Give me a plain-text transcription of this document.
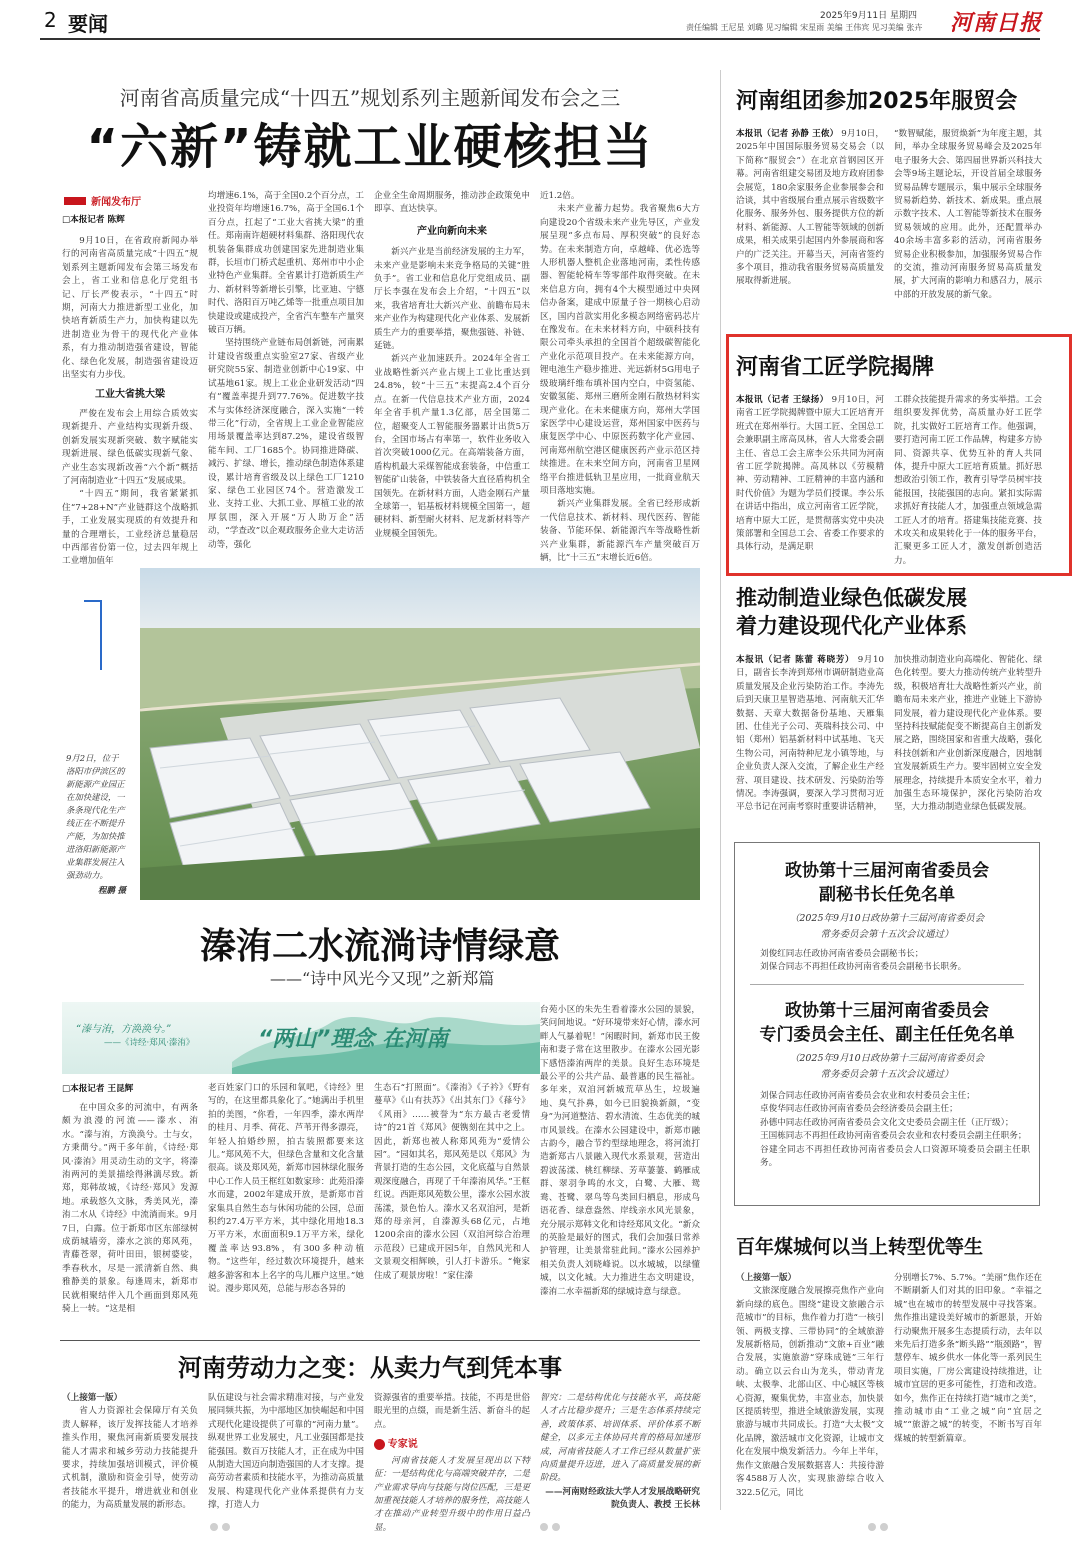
2 要闻	2025年9月11日 星期四
责任编辑 王尼星 刘璐 见习编辑 宋星雨 美编 王伟宾 见习美编 张卉 河南日报
河南省高质量完成“十四五”规划系列主题新闻发布会之三
“六新”铸就工业硬核担当
新闻发布厅
□本报记者 陈辉

9月10日，在省政府新闻办举行的河南省高质量完成“十四五”规划系列主题新闻发布会第三场发布会上，省工业和信息化厅党组书记、厅长严俊表示，“十四五”时期，河南大力推进新型工业化，加快培育新质生产力，加快构建以先进制造业为骨干的现代化产业体系，有力推动制造强省建设，智能化、绿色化发展，制造强省建设迈出坚实有力步伐。

工业大省挑大梁

严俊在发布会上用综合质效实现新提升、产业结构实现新升级、创新发展实现新突破、数字赋能实现新进展、绿色低碳实现新气象、产业生态实现新改善“六个新”概括了河南制造业“十四五”发展成果。

“十四五”期间，我省紧紧抓住“7+28+N”产业链群这个战略抓手，工业发展实现质的有效提升和量的合理增长，工业经济总量稳居中西部省份第一位，过去四年规上工业增加值年

均增速6.1%，高于全国0.2个百分点，工业投资年均增速16.7%，高于全国6.1个百分点，扛起了“工业大省挑大梁”的重任。郑南南许超硬材料集群、洛阳现代农机装备集群成功创建国家先进制造业集群，长垣市门桥式起重机、郑州市中小企业特色产业集群。全省累计打造新质生产力、新材料等新增长引擎，比亚迪、宁德时代、洛阳百万吨乙烯等一批重点项目加快建设或建成投产，全省汽车整车产量突破百万辆。

坚持围绕产业链布局创新链，河南累计建设省级重点实验室27家、省级产业研究院55家、制造业创新中心19家、中试基地61家。规上工业企业研发活动“四有”覆盖率提升到77.76%。促进数字技术与实体经济深度融合，深入实施“一转带三化”行动，全省规上工业企业智能应用场景覆盖率达到87.2%，建设省级智能车间、工厂1685个。协同推进降碳、减污、扩绿、增长，推动绿色制造体系建设，累计培育省级及以上绿色工厂1210家、绿色工业园区74个。营造激发工业、支持工业、大抓工业、厚植工业的浓厚氛围，深入开展“万人助万企”活动，“学查改”以企观政服务企业大走访活动等，强化

企业全生命周期服务，推动涉企政策免申即享、直达快享。

产业向新向未来

新兴产业是当前经济发展的主力军，未来产业是影响未来竞争格局的关键“胜负手”。省工业和信息化厅党组成员、副厅长李强在发布会上介绍，“十四五”以来，我省培育壮大新兴产业、前瞻布局未来产业作为构建现代化产业体系、发展新质生产力的重要举措，聚焦强链、补链、延链。

新兴产业加速跃升。2024年全省工业战略性新兴产业占规上工业比重达到24.8%，较“十三五”末提高2.4个百分点。在新一代信息技术产业方面，2024年全省手机产量1.3亿部，居全国第二位，超聚变人工智能服务器累计出货5万台，全国市场占有率第一，软件业务收入首次突破1000亿元。在高端装备方面，盾构机最大采煤智能成套装备，中信重工智能矿山装备，中铁装备大直径盾构机全国领先。在新材料方面，人造金刚石产量全球第一，铝基板材料规模全国第一，超硬材料、新型耐火材料、尼龙新材料等产业规模全国领先。

近1.2倍。

未来产业蓄力起势。我省聚焦6大方向建设20个省级未来产业先导区，产业发展呈现“多点布局、厚积突破”的良好态势。在未来制造方向，卓越峰、优必选等人形机器人整机企业落地河南，柔性传感器、智能轮椅车等零部件取得突破。在未来信息方向，拥有4个大模型通过中央网信办备案，建成中原量子谷一期核心启动区，国内首款实用化多模态网络密码芯片在豫发布。在未来材料方向，中硕科技有限公司牵头承担的全国首个超级碳智能化产业化示范项目投产。在未来能源方向，锂电池生产稳步推进、光远新材5G用电子级玻璃纤维布填补国内空白，中资氢能、安徽氢能、郑州三磨所金刚石散热材料实现产业化。在未来健康方向，郑州大学国家医学中心建设运营，郑州国家中医药与康复医学中心、中原医药数字化产业园、河南郑州航空港区健康医药产业示范区持续推进。在未来空间方向，河南省卫星网络平台推进低轨卫星应用，一批商业航天项目落地实施。

新兴产业集群发展。全省已经形成新一代信息技术、新材料、现代医药、智能装备、节能环保、新能源汽车等战略性新兴产业集群，新能源汽车产量突破百万辆，比“十三五”末增长近6倍。

9月2日，位于洛阳市伊滨区的新能源产业园正在加快建设，一条条现代化生产线正在不断提升产能，为加快推进洛阳新能源产业集群发展注入强劲动力。
程鹏 摄
溱洧二水流淌诗情绿意
——“诗中风光今又现”之新郑篇
“溱与洧，方涣涣兮。”
——《诗经·郑风·溱洧》	“两山”理念 在河南
□本报记者 王昆辉

在中国众多的河流中，有两条颇为浪漫的河流——溱水、洧水。“溱与洧，方涣涣兮。士与女，方秉蕳兮。”两千多年前，《诗经·郑风·溱洧》用灵动生动的文字，将溱洧两河的美景描绘得淋漓尽致。新郑，郑韩故城，《诗经·郑风》发源地。承载悠久文脉，秀美风光，溱洧二水从《诗经》中流淌而来。9月7日，白露。位于新郑市区东部绿树成荫城墙旁，溱水之滨的郑风苑，青藤苍翠，荷叶田田，银树婆娑，季春秋水，尽是一派清新自然、典雅静美的景象。每逢周末，新郑市民就相聚结伴入几个画面到郑风苑骑上一转。“这是相

老百姓家门口的乐园和氧吧，《诗经》里写的，在这里都具象化了。”她满出手机里拍的美图，“你看，一年四季，溱水两岸的桂月、月季、荷花、芦苇开得多漂亮，年轻人拍婚纱照，拍古装照都要来这儿。”郑风苑不大，但绿色含量和文化含量很高。谈及郑风苑，新郑市园林绿化服务中心工作人员王框红如数家珍：此苑沿溱水而建，2002年建成开放，是新郑市首家集具自然生态与休闲功能的公园，总面积约27.4万平方米，其中绿化用地18.3万平方米，水面面积9.1万平方米，绿化覆盖率达93.8%，有300多种动植物。“这些年，经过数次环境提升，越来越多游客和本上名字的鸟儿雁户这里。”她说。漫步郑风苑，总能与形态各异的

生态石“打照面”。《溱洧》《子衿》《野有蔓草》《山有扶苏》《出其东门》《萚兮》《风雨》……被誉为“东方最古老爱情诗”的21首《郑风》便镌刻在其中之上。因此，新郑也被人称郑风苑为“爱情公园”。“园如其名，郑风苑是以《郑风》为背景打造的生态公园，文化底蕴与自然景观深度融合，再现了千年溱洧风华。”王框红说。西距郑风苑数公里，溱水公园水波荡漾，景色怡人。溱水又名双洎河，是新郑的母亲河，自溱源头68亿元，占地1200余亩的溱水公园（双洎河综合治理示范段）已建成开园5年，自然风光和人文景观交相辉映，引人打卡游乐。“俺家住成了观景房啦！”家住溱

台苑小区的朱先生看着溱水公园的景貌，笑问间地说。“好环境带来好心情，溱水河畔人气暴着呢！”闲暇时间，新郑市民王俊南和妻子常在这里散步。在溱水公园光影下感悟溱洧两岸的美景。良好生态环境是最公平的公共产品、最普惠的民生福祉。多年来，双洎河新城荒草丛生，垃圾遍地、臭气扑鼻，如今已旧貌换新颜，“变身”为河道整洁、碧水清流、生态优美的城市风景线。在溱水公园建设中，新郑市融古韵今，融合节约型绿地理念，将河流打造新郑古八景融入现代水系景观，营造出碧波荡漾、桃红柳绿、芳草萋萋、鹤雁成群、翠羽争鸣的水文，白鹭、大雁、鸳鸯、苍鹭、翠鸟等鸟类回归栖息，形成鸟语花香、绿意盎然、岸线亲水风光景象，充分展示郑韩文化和诗经郑风文化。“新众的英脸是最好的图式，我们会加强日常养护管理，让美景常驻此间。”溱水公园养护相关负责人刘晓峰说。以水城城，以绿懂城，以文化城。大力推进生态文明建设，溱洧二水幸福新郑的绿城诗意与绿意。

河南劳动力之变：从卖力气到凭本事
（上接第一版）

省人力资源社会保障厅有关负责人解释，该厅发挥技能人才培养推头作用，聚焦河南新质要发展技能人才需求和城乡劳动力技能提升要求，持续加强培训模式，评价模式机制，激励和资金引导，使劳动者技能水平提升，增进就业和创业的能力，为高质量发展的新形态。

队伍建设与社会需求精准对接，与产业发展同频共振，为中部地区加快崛起和中国式现代化建设提供了可靠的“河南力量”。纵观世界工业发展史，凡工业强国都是技能强国。数百万技能人才，正在成为中国从制造大国迈向制造强国的人才支撑。提高劳动者素质和技能水平，为推动高质量发展、构建现代化产业体系提供有力支撑，打造人力

资源强省的重要举措。技能，不再是世俗眼光里的点缀，而是新生活、新奋斗的起点。

专家说

河南省技能人才发展呈现出以下特征：一是结构优化与高端突破并存，二是产业需求导向与技能与岗位匹配，三是更加重视技能人才培养的服务性，高技能人才在推动产业转型升级中的作用日益凸显。

智究：二是结构优化与技能水平，高技能人才占比稳步提升；三是生态体系持续完善，政策体系、培训体系、评价体系不断健全，以多元主体协同共育的格局加速形成，河南省技能人才工作已经从数量扩张向质量提升迈进，进入了高质量发展的新阶段。

——河南财经政法大学人才发展战略研究院负责人、教授 王长林
河南组团参加2025年服贸会
本报讯（记者 孙静 王侬） 9月10日，2025年中国国际服务贸易交易会（以下简称“服贸会”）在北京首钢园区开幕。河南省组建交易团及地方政府团参会展览，180余家服务企业参展参会和洽谈，其中省级展台重点展示省级数字化服务、服务外包、服务提供方位的新材料、新能源、人工智能等领域的创新成果，相关成果引起国内外参展商和客户的广泛关注。开幕当天，河南省签约多个项目，推动我省服务贸易高质量发展取得新进展。

“数智赋能，服贸焕新”为年度主题，其间，举办全球服务贸易峰会及2025年电子服务大会、第四届世界新兴科技大会等9场主题论坛，开设首届全球服务贸易品牌专题展示，集中展示全球服务贸易新趋势、新技术、新成果。重点展示数字技术、人工智能等新技术在服务贸易领域的应用。此外，还配置举办40余场丰富多彩的活动，河南省服务贸易企业积极参加，加强服务贸易合作的交流，推动河南服务贸易高质量发展，扩大河南的影响力和感召力，展示中部的开放发展的新气象。

河南省工匠学院揭牌
本报讯（记者 王绿扬） 9月10日，河南省工匠学院揭牌暨中原大工匠培育开班式在郑州举行。大国工匠、全国总工会兼职副主席高凤林，省人大常委会副主任、省总工会主席李公乐共同为河南省工匠学院揭牌。高凤林以《劳模精神、劳动精神、工匠精神的丰富内涵和时代价值》为题为学员们授课。李公乐在讲话中指出，成立河南省工匠学院，培育中原大工匠，是贯彻落实党中央决策部署和全国总工会、省委工作要求的具体行动，是满足职

工群众技能提升需求的务实举措。工会组织要发挥优势，高质量办好工匠学院，扎实做好工匠培育工作。他强调，要打造河南工匠工作品牌，构建多方协同、资源共享、优势互补的育人共同体，提升中原大工匠培育质量。抓好思想政治引领工作，教育引导学员树牢技能报国，技能强国的志向。紧扣实际需求抓好育技能人才，加强重点领域急需工匠人才的培育。搭建集技能竞赛、技术攻关和成果转化于一体的服务平台，汇聚更多工匠人才，激发创新创造活力。

推动制造业绿色低碳发展
着力建设现代化产业体系
本报讯（记者 陈蕾 蒋晓芳） 9月10日，副省长李涛到郑州市调研制造业高质量发展及企业污染防治工作。李涛先后到天康卫星智造基地、河南航天汇华数据、天章大数据备份基地、天雁集团、仕佳光子公司、英瑞科技公司、中铝（郑州）铝基新材料中试基地、飞天生物公司，河南特种尼龙小镇等地，与企业负责人深入交流，了解企业生产经营、项目建设、技术研发、污染防治等情况。李涛强调，要深入学习贯彻习近平总书记在河南考察时重要讲话精神，

加快推动制造业向高端化、智能化、绿色化转型。要大力推动传统产业转型升级，积极培育壮大战略性新兴产业，前瞻布局未来产业，推进产业链上下游协同发展，着力建设现代化产业体系。要坚持科技赋能促变不断提高自主创新发展之路，围绕国家和省重大战略，强化科技创新和产业创新深度融合，因地制宜发展新质生产力。要牢固树立安全发展理念，持续提升本质安全水平，着力加强生态环境保护，深化污染防治攻坚，大力推动制造业绿色低碳发展。

政协第十三届河南省委员会
副秘书长任免名单
（2025年9月10日政协第十三届河南省委员会
常务委员会第十五次会议通过）
刘俊红同志任政协河南省委员会副秘书长；
刘保合同志不再担任政协河南省委员会副秘书长职务。
政协第十三届河南省委员会
专门委员会主任、副主任任免名单
（2025年9月10日政协第十三届河南省委员会
常务委员会第十五次会议通过）
刘保合同志任政协河南省委员会农业和农村委员会主任；
卓俊华同志任政协河南省委员会经济委员会副主任；
孙德中同志任政协河南省委员会文化文史委员会副主任（正厅级）；
王国栋同志不再担任政协河南省委员会农业和农村委员会副主任职务；
谷建全同志不再担任政协河南省委员会人口资源环境委员会副主任职务。
百年煤城何以当上转型优等生
（上接第一版）

文旅深度融合发展擦亮焦作产业向新向绿的底色。围绕“建设文旅融合示范城市”的目标，焦作着力打造“一核引领、两极支撑、三带协同”的全域旅游发展新格局，创新推动“文旅+百业”融合发展，实施旅游“穿珠成链”三年行动。确立以云台山为龙头，带动青龙峡、太极拳、北部山区、中心城区等核心资源，聚集优势，丰富业态，加快景区提质转型，推进全域旅游发展，实现旅游与城市共同成长。打造“大太极”文化品牌，激活城市文化资源，让城市文化在发展中焕发新活力。今年上半年，焦作文旅融合发展数据喜人：共接待游客4588万人次，实现旅游综合收入322.5亿元，同比

分别增长7%、5.7%。“美丽”焦作还在不断刷新人们对其的旧印象。“幸福之城”也在城市的转型发展中寻找答案。焦作推出建设美好城市的新愿景，开始行动聚焦开展多生态提质行动，去年以来先后打造多条“断头路”“瓶颈路”，智慧停车、城乡供水一体化等一系列民生项目实施，厂房公寓建设持续推进，让城市宜居的更多可能性，打造和改造。如今，焦作正在持续打造“城市之美”，推动城市由“工业之城”向“宜居之城”“旅游之城”的转变，不断书写百年煤城的转型新篇章。
